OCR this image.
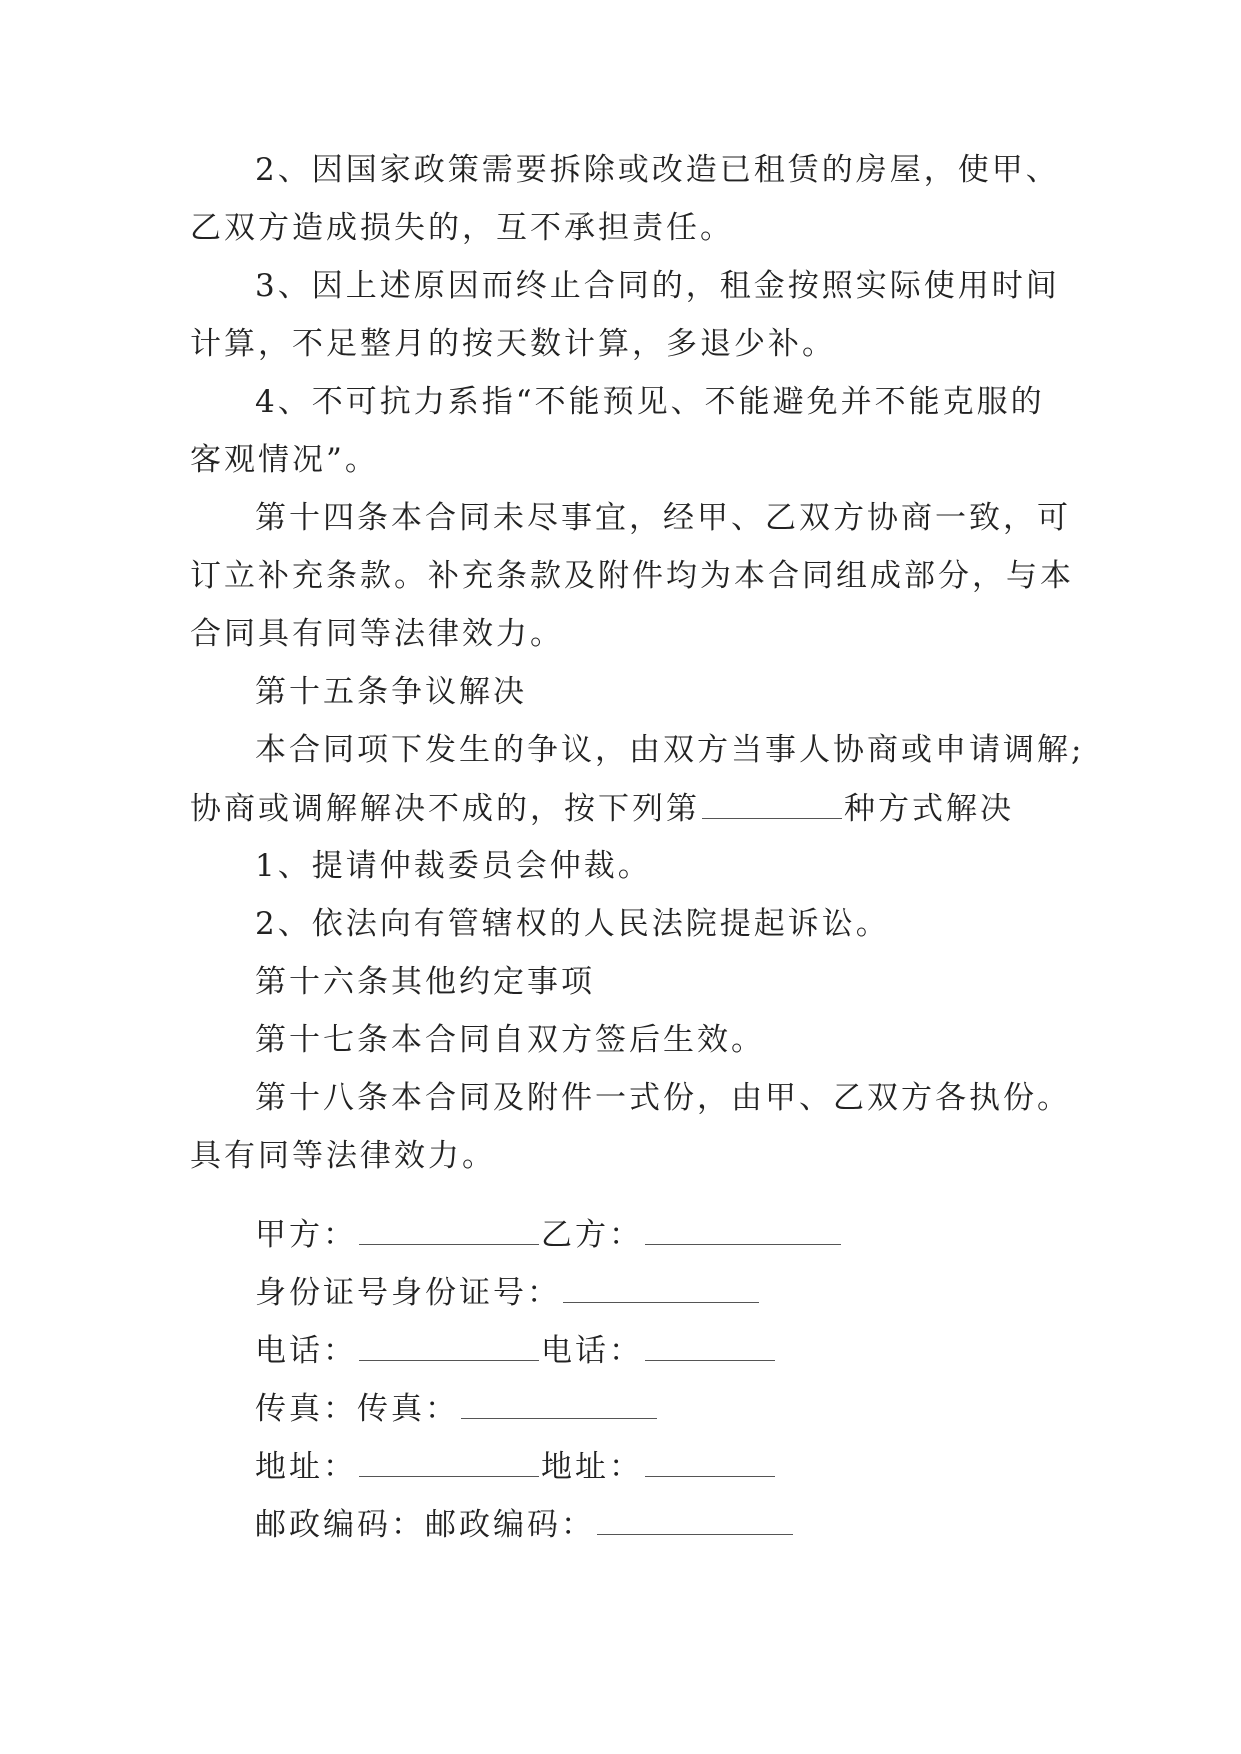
2、因国家政策需要拆除或改造已租赁的房屋，使甲、
乙双方造成损失的，互不承担责任。
3、因上述原因而终止合同的，租金按照实际使用时间
计算，不足整月的按天数计算，多退少补。
4、不可抗力系指“不能预见、不能避免并不能克服的
客观情况”。
第十四条本合同未尽事宜，经甲、乙双方协商一致，可
订立补充条款。补充条款及附件均为本合同组成部分，与本
合同具有同等法律效力。
第十五条争议解决
本合同项下发生的争议，由双方当事人协商或申请调解;
协商或调解解决不成的，按下列第	种方式解决
1、提请仲裁委员会仲裁。
2、依法向有管辖权的人民法院提起诉讼。
第十六条其他约定事项
第十七条本合同自双方签后生效。
第十八条本合同及附件一式份，由甲、乙双方各执份。
具有同等法律效力。
甲方：	乙方：
身份证号身份证号：
电话：	电话：
传真：传真：
地址：	地址：
邮政编码：邮政编码：
